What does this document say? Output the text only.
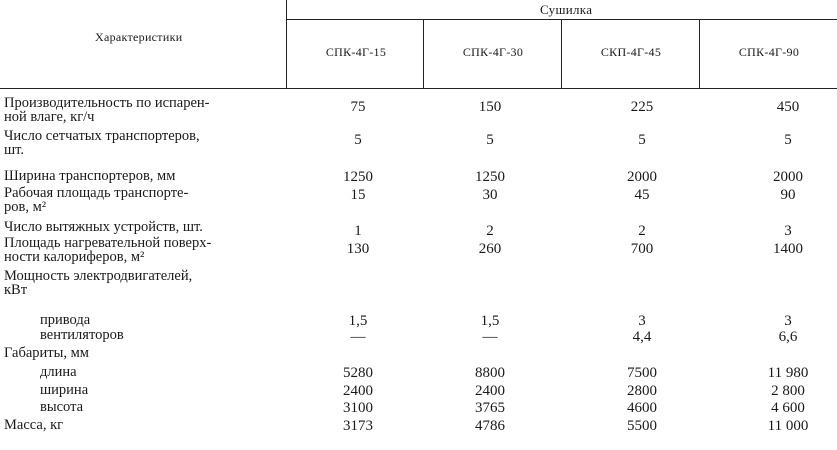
Сушилка
Характеристики
СПК-4Г-15	СПК-4Г-30	СКП-4Г-45	СПК-4Г-90
Производительность по испарен-
ной влаге, кг/ч
75	150	225	450
Число сетчатых транспортеров,
шт.
5	5	5	5
Ширина транспортеров, мм	1250	1250	2000	2000
Рабочая площадь транспорте-
ров, м²
15	30	45	90
Число вытяжных устройств, шт.	1	2	2	3
Площадь нагревательной поверх-
ности калориферов, м²	130	260	700	1400
Мощность электродвигателей,
кВт
привода	1,5	1,5	3	3
вентиляторов	—	—	4,4	6,6
Габариты, мм
длина	5280	8800	7500	11 980
ширина	2400	2400	2800	2 800
высота	3100	3765	4600	4 600
Масса, кг	3173	4786	5500	11 000
